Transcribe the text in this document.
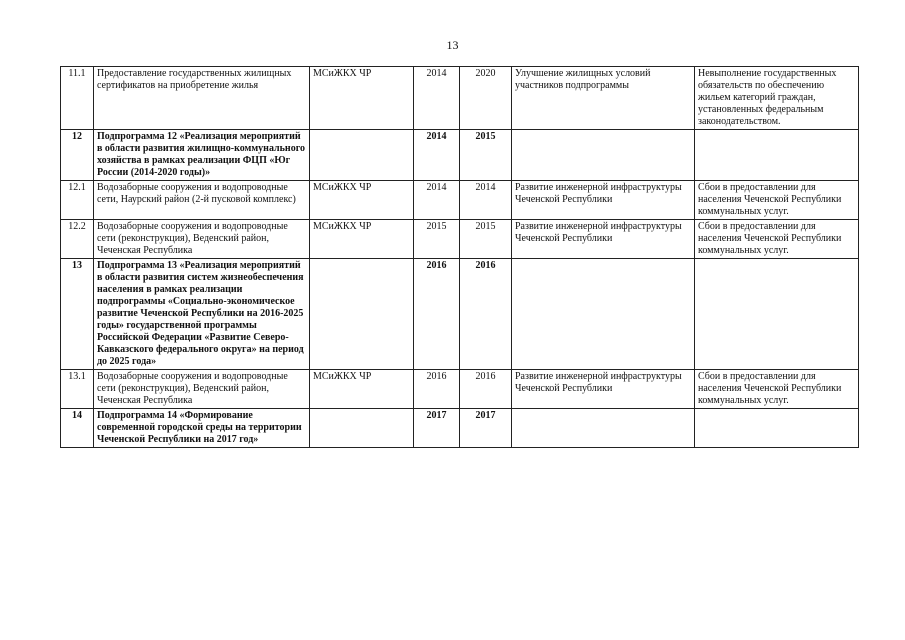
13
11.1	Предоставление государственных жилищных сертификатов на приобретение жилья	МСиЖКХ ЧР	2014	2020	Улучшение жилищных условий участников подпрограммы	Невыполнение государственных обязательств по обеспечению жильем категорий граждан, установленных федеральным законодательством.
12	Подпрограмма 12 «Реализация мероприятий в области развития жилищно-коммунального хозяйства в рамках реализации ФЦП «Юг России (2014-2020 годы)»		2014	2015		
12.1	Водозаборные сооружения и водопроводные сети, Наурский район (2-й пусковой комплекс)	МСиЖКХ ЧР	2014	2014	Развитие инженерной инфраструктуры Чеченской Республики	Сбои в предоставлении для населения Чеченской Республики коммунальных услуг.
12.2	Водозаборные сооружения и водопроводные сети (реконструкция), Веденский район, Чеченская Республика	МСиЖКХ ЧР	2015	2015	Развитие инженерной инфраструктуры Чеченской Республики	Сбои в предоставлении для населения Чеченской Республики коммунальных услуг.
13	Подпрограмма 13 «Реализация мероприятий в области развития систем жизнеобеспечения населения в рамках реализации подпрограммы «Социально-экономическое развитие Чеченской Республики на 2016-2025 годы» государственной программы Российской Федерации «Развитие Северо-Кавказского федерального округа» на период до 2025 года»		2016	2016		
13.1	Водозаборные сооружения и водопроводные сети (реконструкция), Веденский район, Чеченская Республика	МСиЖКХ ЧР	2016	2016	Развитие инженерной инфраструктуры Чеченской Республики	Сбои в предоставлении для населения Чеченской Республики коммунальных услуг.
14	Подпрограмма 14 «Формирование современной городской среды на территории Чеченской Республики на 2017 год»		2017	2017		
